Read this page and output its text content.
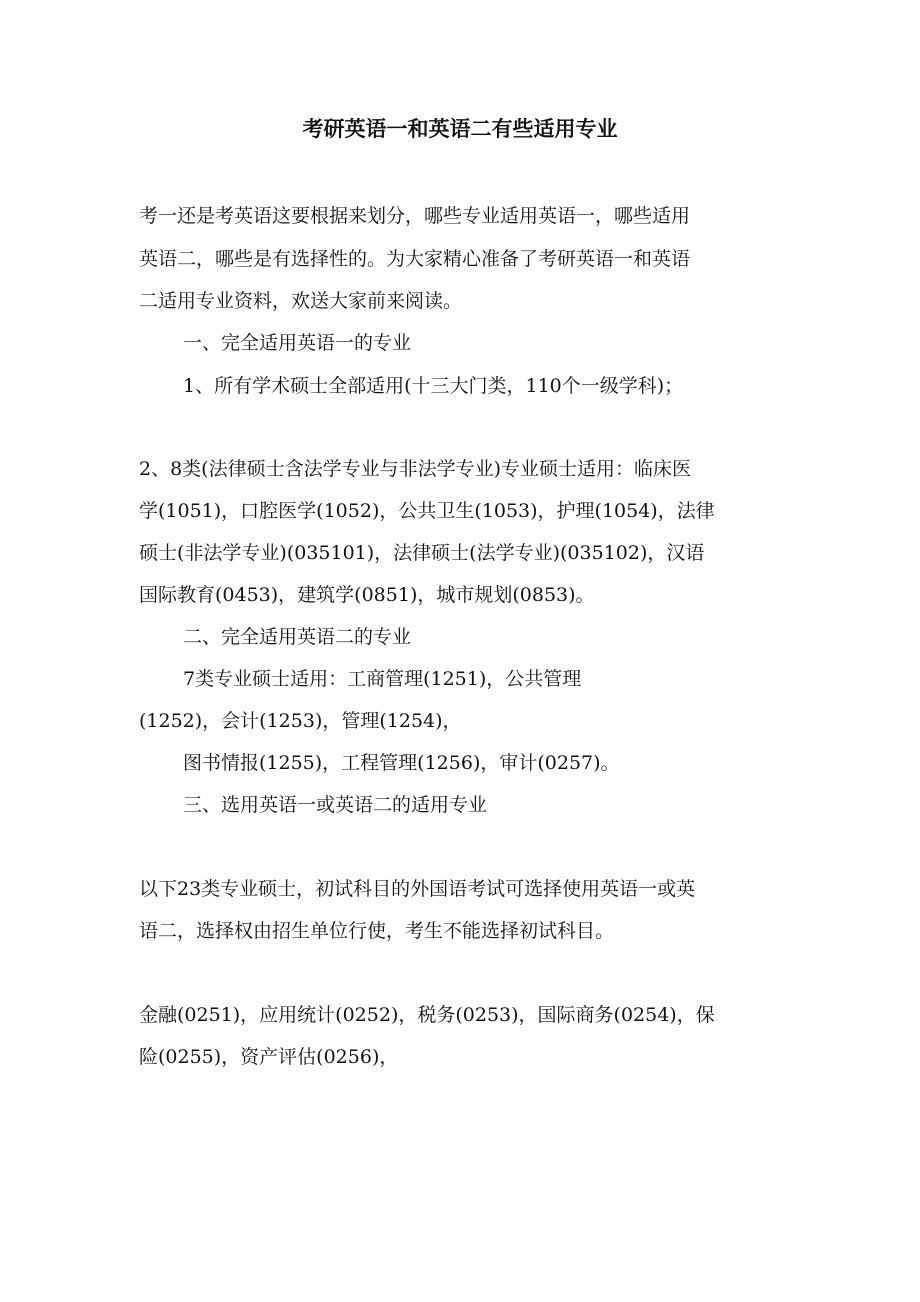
考研英语一和英语二有些适用专业
考一还是考英语这要根据来划分，哪些专业适用英语一，哪些适用
英语二，哪些是有选择性的。为大家精心准备了考研英语一和英语
二适用专业资料，欢送大家前来阅读。
一、完全适用英语一的专业
1、所有学术硕士全部适用(十三大门类，110个一级学科)；
2、8类(法律硕士含法学专业与非法学专业)专业硕士适用：临床医
学(1051)，口腔医学(1052)，公共卫生(1053)，护理(1054)，法律
硕士(非法学专业)(035101)，法律硕士(法学专业)(035102)，汉语
国际教育(0453)，建筑学(0851)，城市规划(0853)。
二、完全适用英语二的专业
7类专业硕士适用：工商管理(1251)，公共管理
(1252)，会计(1253)，管理(1254)，
图书情报(1255)，工程管理(1256)，审计(0257)。
三、选用英语一或英语二的适用专业
以下23类专业硕士，初试科目的外国语考试可选择使用英语一或英
语二，选择权由招生单位行使，考生不能选择初试科目。
金融(0251)，应用统计(0252)，税务(0253)，国际商务(0254)，保
险(0255)，资产评估(0256)，
